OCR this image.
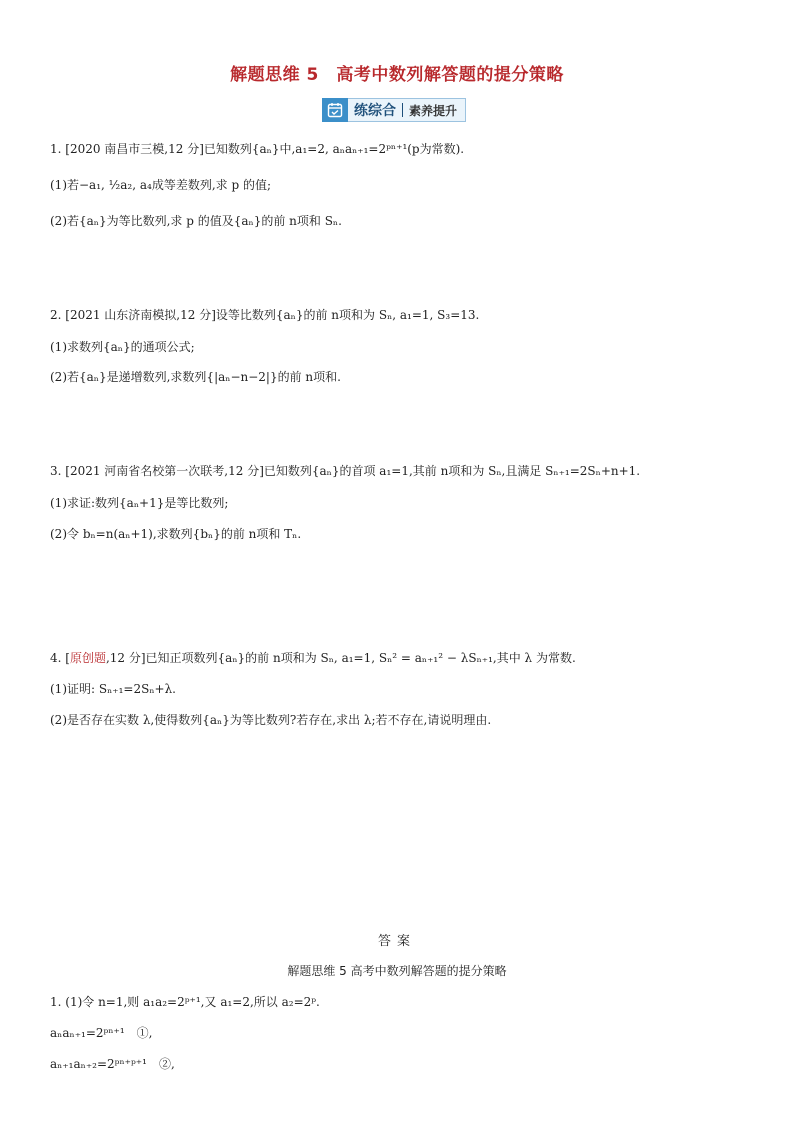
解题思维 5　高考中数列解答题的提分策略
练综合 素养提升
1. [2020 南昌市三模,12 分]已知数列{aₙ}中,a₁=2, aₙaₙ₊₁=2ᵖⁿ⁺¹(p为常数).
(1)若−a₁, ½a₂, a₄成等差数列,求 p 的值;
(2)若{aₙ}为等比数列,求 p 的值及{aₙ}的前 n项和 Sₙ.
2. [2021 山东济南模拟,12 分]设等比数列{aₙ}的前 n项和为 Sₙ, a₁=1, S₃=13.
(1)求数列{aₙ}的通项公式;
(2)若{aₙ}是递增数列,求数列{|aₙ−n−2|}的前 n项和.
3. [2021 河南省名校第一次联考,12 分]已知数列{aₙ}的首项 a₁=1,其前 n项和为 Sₙ,且满足 Sₙ₊₁=2Sₙ+n+1.
(1)求证:数列{aₙ+1}是等比数列;
(2)令 bₙ=n(aₙ+1),求数列{bₙ}的前 n项和 Tₙ.
4. [原创题,12 分]已知正项数列{aₙ}的前 n项和为 Sₙ, a₁=1, Sₙ² = aₙ₊₁² − λSₙ₊₁,其中 λ 为常数.
(1)证明: Sₙ₊₁=2Sₙ+λ.
(2)是否存在实数 λ,使得数列{aₙ}为等比数列?若存在,求出 λ;若不存在,请说明理由.
答案
解题思维 5 高考中数列解答题的提分策略
1. (1)令 n=1,则 a₁a₂=2ᵖ⁺¹,又 a₁=2,所以 a₂=2ᵖ.
aₙaₙ₊₁=2ᵖⁿ⁺¹　①,
aₙ₊₁aₙ₊₂=2ᵖⁿ⁺ᵖ⁺¹　②,
